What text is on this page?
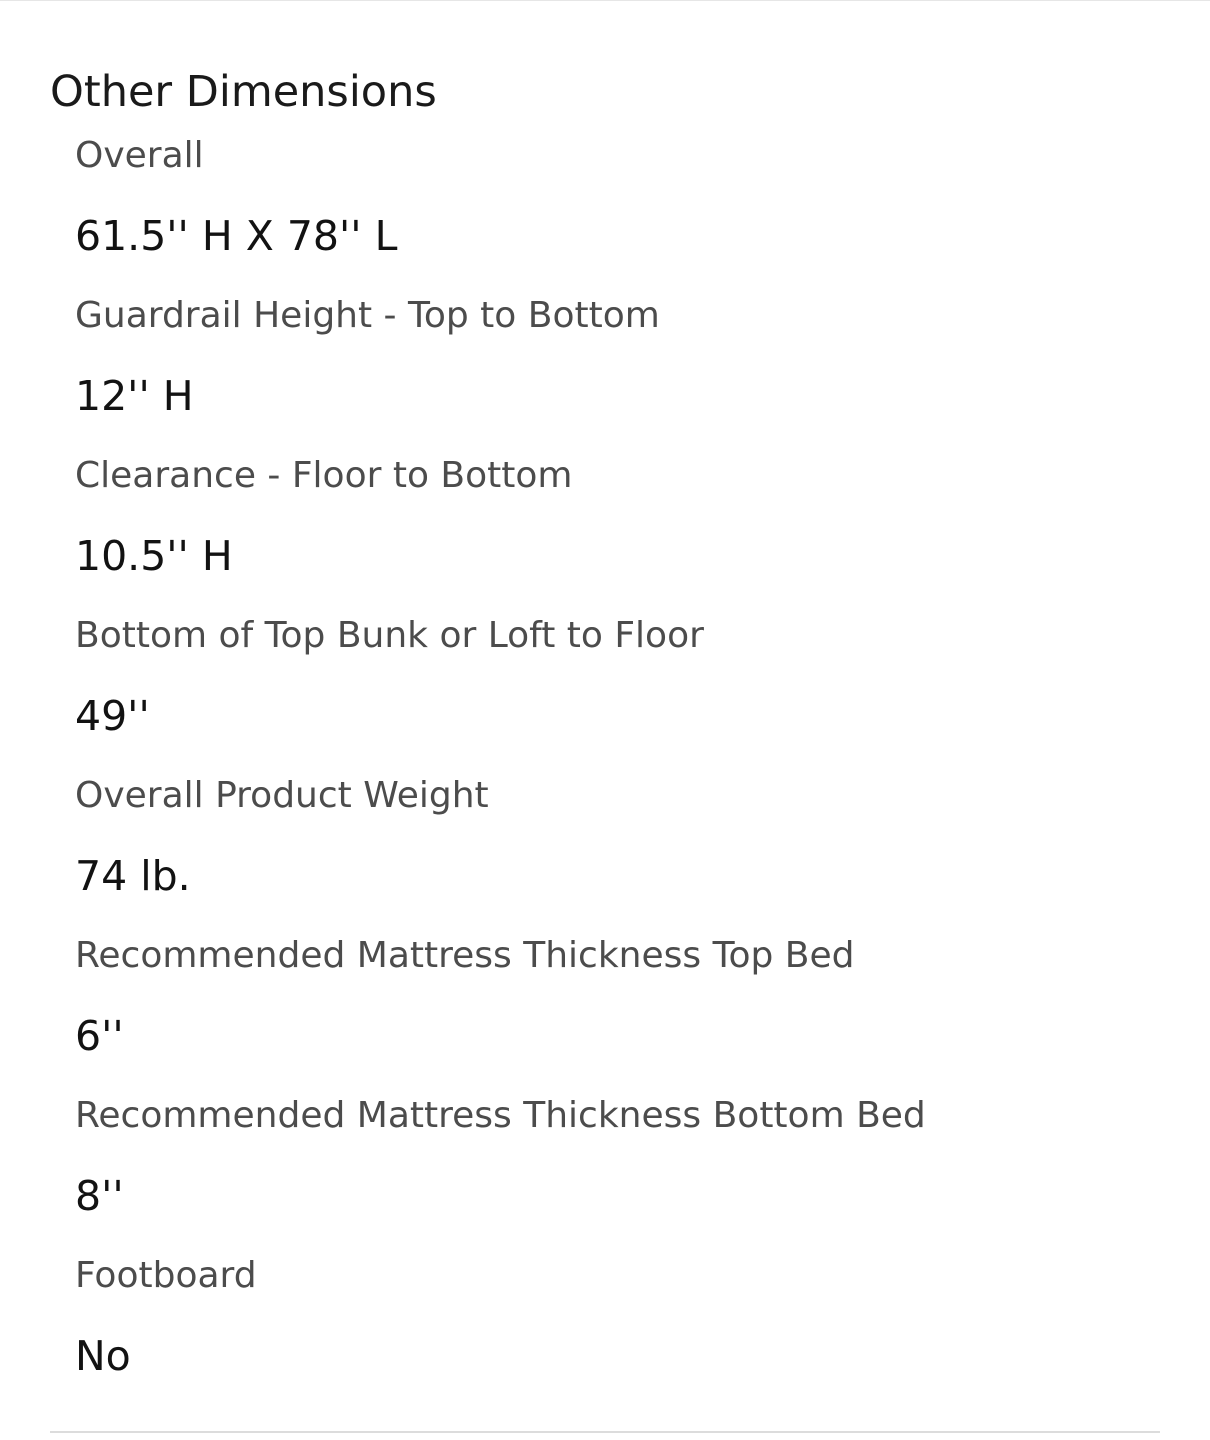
Other Dimensions
Overall
61.5'' H X 78'' L
Guardrail Height - Top to Bottom
12'' H
Clearance - Floor to Bottom
10.5'' H
Bottom of Top Bunk or Loft to Floor
49''
Overall Product Weight
74 lb.
Recommended Mattress Thickness Top Bed
6''
Recommended Mattress Thickness Bottom Bed
8''
Footboard
No
